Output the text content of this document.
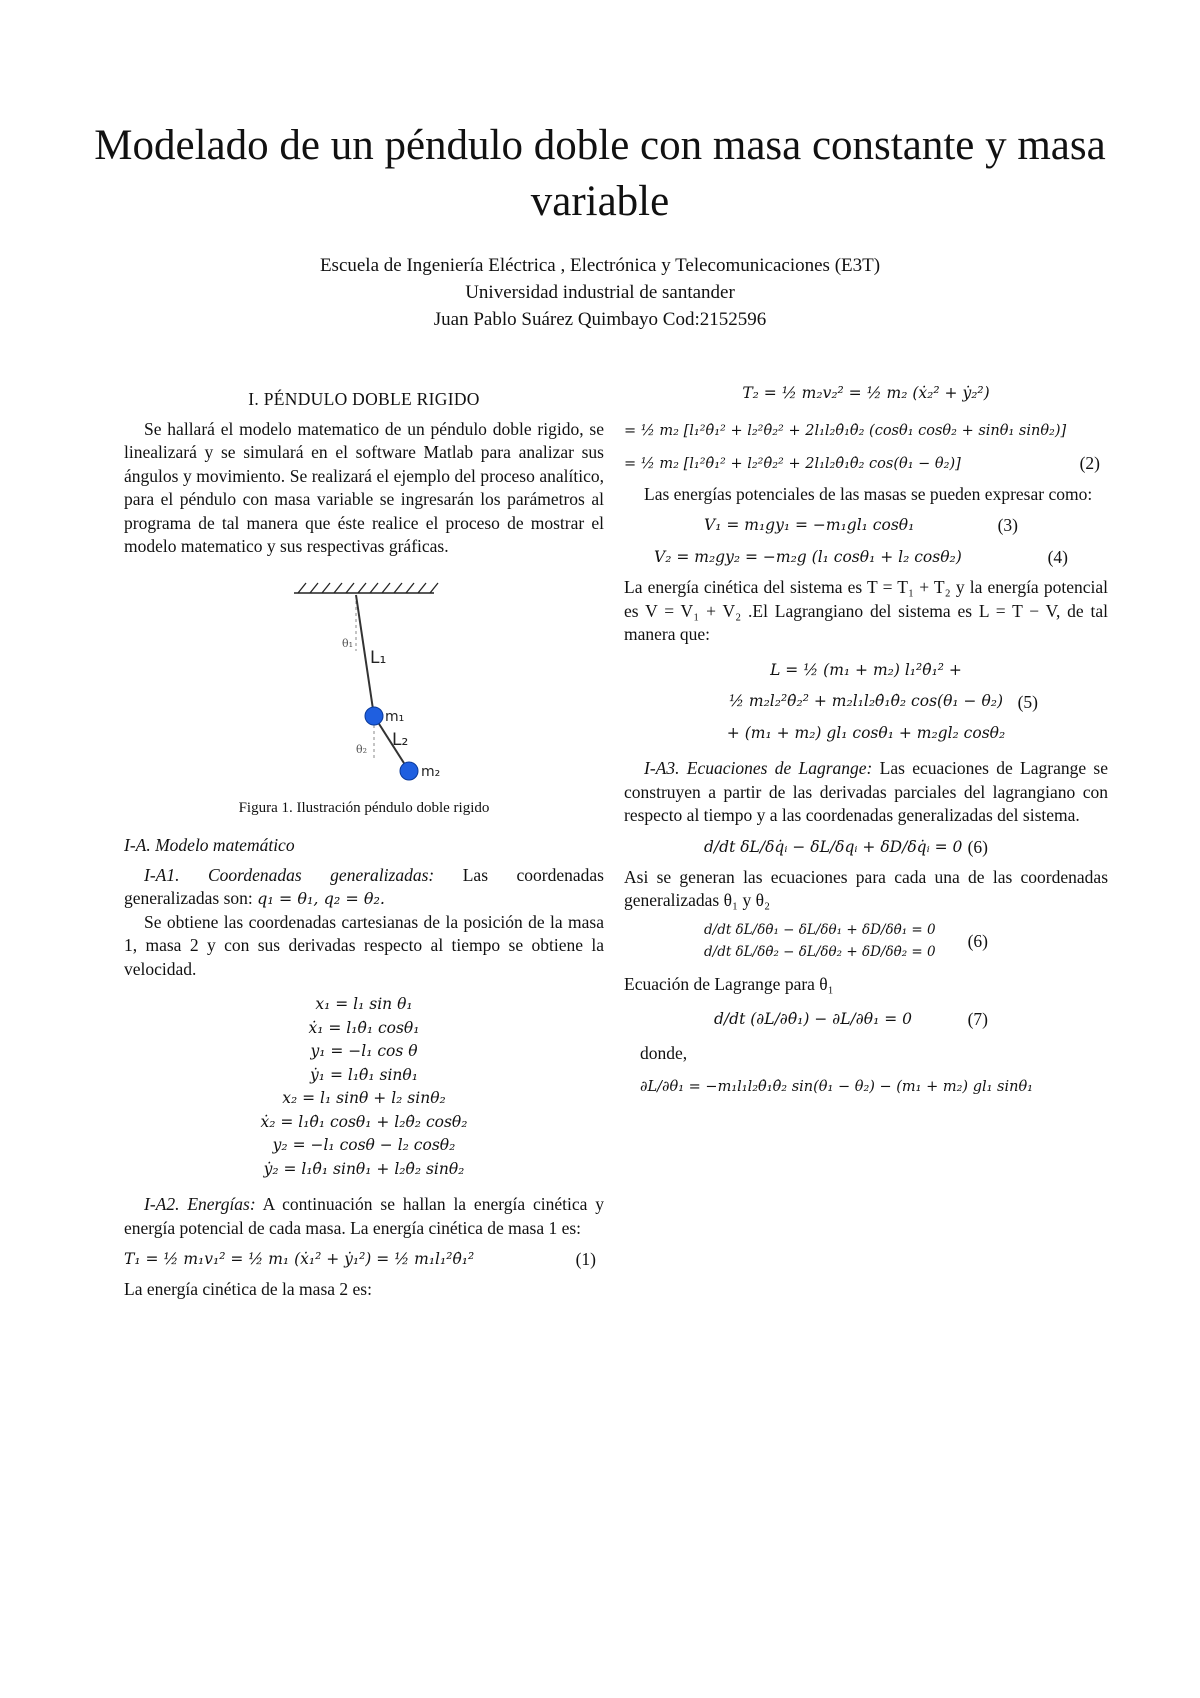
Modelado de un péndulo doble con masa constante y masa variable
Escuela de Ingeniería Eléctrica , Electrónica y Telecomunicaciones (E3T)
Universidad industrial de santander
Juan Pablo Suárez Quimbayo Cod:2152596
I. PÉNDULO DOBLE RIGIDO

Se hallará el modelo matematico de un péndulo doble rigido, se linealizará y se simulará en el software Matlab para analizar sus ángulos y movimiento. Se realizará el ejemplo del proceso analítico, para el péndulo con masa variable se ingresarán los parámetros al programa de tal manera que éste realice el proceso de mostrar el modelo matematico y sus respectivas gráficas.

θ₁
L₁
m₁
θ₂ L₂
m₂
Figura 1. Ilustración péndulo doble rigido
I-A. Modelo matemático

I-A1. Coordenadas generalizadas: Las coordenadas generalizadas son: q₁ = θ₁, q₂ = θ₂.

Se obtiene las coordenadas cartesianas de la posición de la masa 1, masa 2 y con sus derivadas respecto al tiempo se obtiene la velocidad.

x₁ = l₁ sin θ₁
ẋ₁ = l₁θ̇₁ cosθ₁
y₁ = −l₁ cos θ
ẏ₁ = l₁θ̇₁ sinθ₁
x₂ = l₁ sinθ + l₂ sinθ₂
ẋ₂ = l₁θ̇₁ cosθ₁ + l₂θ̇₂ cosθ₂
y₂ = −l₁ cosθ − l₂ cosθ₂
ẏ₂ = l₁θ̇₁ sinθ₁ + l₂θ̇₂ sinθ₂

I-A2. Energías: A continuación se hallan la energía cinética y energía potencial de cada masa. La energía cinética de masa 1 es:

T₁ = ½ m₁v₁² = ½ m₁ (ẋ₁² + ẏ₁²) = ½ m₁l₁²θ̇₁²	(1)

La energía cinética de la masa 2 es:

T₂ = ½ m₂v₂² = ½ m₂ (ẋ₂² + ẏ₂²)
= ½ m₂ [l₁²θ̇₁² + l₂²θ̇₂² + 2l₁l₂θ̇₁θ̇₂ (cosθ₁ cosθ₂ + sinθ₁ sinθ₂)]
= ½ m₂ [l₁²θ̇₁² + l₂²θ̇₂² + 2l₁l₂θ̇₁θ̇₂ cos(θ₁ − θ₂)]	(2)

Las energías potenciales de las masas se pueden expresar como:

V₁ = m₁gy₁ = −m₁gl₁ cosθ₁	(3)
V₂ = m₂gy₂ = −m₂g (l₁ cosθ₁ + l₂ cosθ₂)	(4)

La energía cinética del sistema es T = T₁ + T₂ y la energía potencial es V = V₁ + V₂ .El Lagrangiano del sistema es L = T − V, de tal manera que:

L = ½ (m₁ + m₂) l₁²θ̇₁² +
½ m₂l₂²θ̇₂² + m₂l₁l₂θ̇₁θ̇₂ cos(θ₁ − θ₂)
+ (m₁ + m₂) gl₁ cosθ₁ + m₂gl₂ cosθ₂
(5)

I-A3. Ecuaciones de Lagrange: Las ecuaciones de Lagrange se construyen a partir de las derivadas parciales del lagrangiano con respecto al tiempo y a las coordenadas generalizadas del sistema.

d/dt δL/δq̇ᵢ − δL/δqᵢ + δD/δq̇ᵢ = 0 (6)

Asi se generan las ecuaciones para cada una de las coordenadas generalizadas θ₁ y θ₂

d/dt δL/δθ̇₁ − δL/δθ₁ + δD/δθ̇₁ = 0
d/dt δL/δθ̇₂ − δL/δθ₂ + δD/δθ̇₂ = 0
(6)

Ecuación de Lagrange para θ₁

d/dt (∂L/∂θ̇₁) − ∂L/∂θ₁ = 0	(7)

donde,

∂L/∂θ₁ = −m₁l₁l₂θ̇₁θ̇₂ sin(θ₁ − θ₂) − (m₁ + m₂) gl₁ sinθ₁
